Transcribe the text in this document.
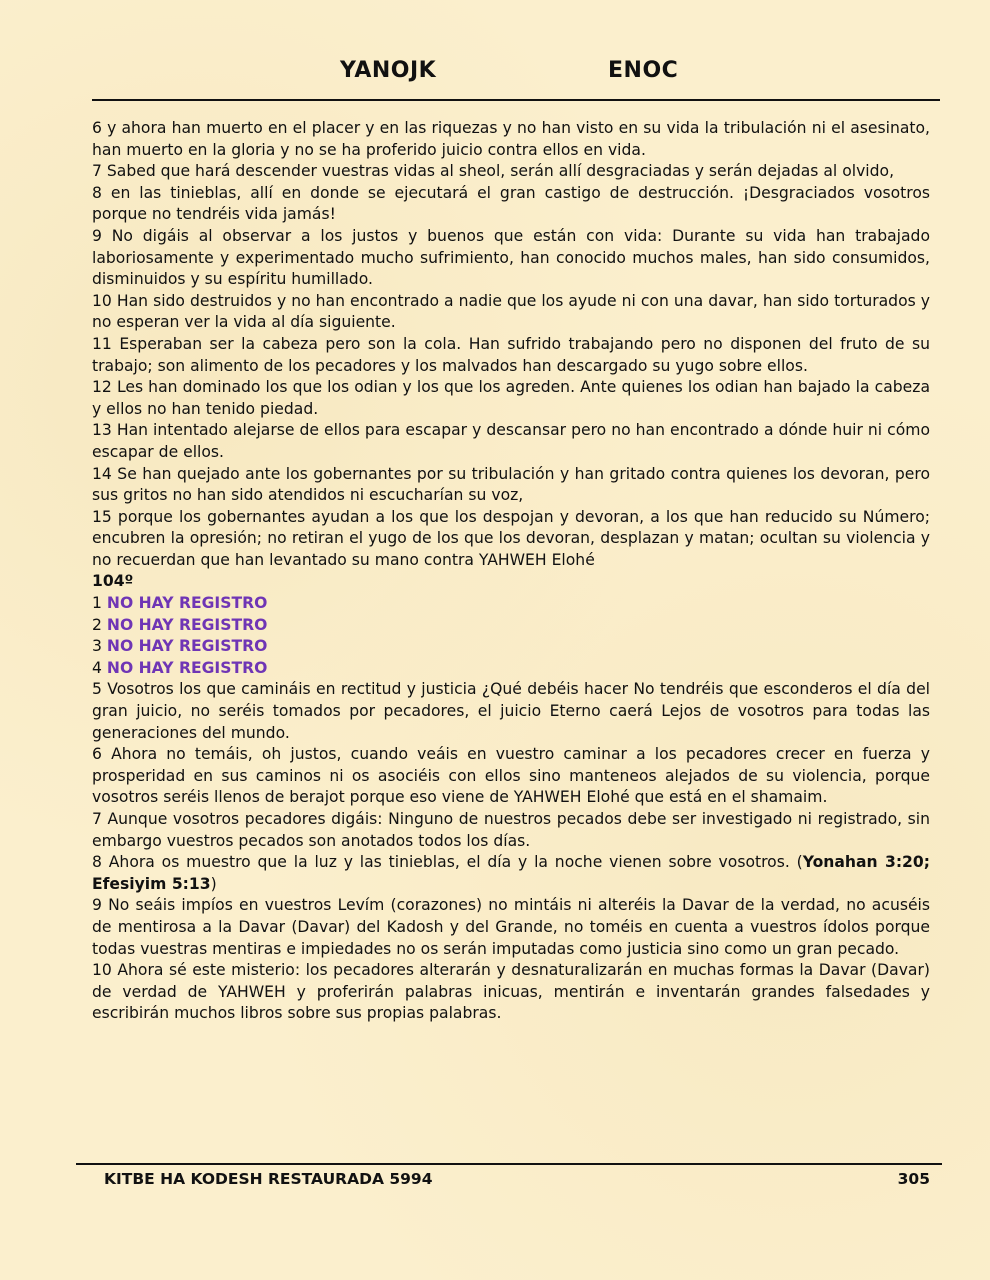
YANOJK	ENOC

6 y ahora han muerto en el placer y en las riquezas y no han visto en su vida la tribulación ni el asesinato, han muerto en la gloria y no se ha proferido juicio contra ellos en vida.

7 Sabed que hará descender vuestras vidas al sheol, serán allí desgraciadas y serán dejadas al olvido,

8 en las tinieblas, allí en donde se ejecutará el gran castigo de destrucción. ¡Desgraciados vosotros porque no tendréis vida jamás!

9 No digáis al observar a los justos y buenos que están con vida: Durante su vida han trabajado laboriosamente y experimentado mucho sufrimiento, han conocido muchos males, han sido consumidos, disminuidos y su espíritu humillado.

10 Han sido destruidos y no han encontrado a nadie que los ayude ni con una davar, han sido torturados y no esperan ver la vida al día siguiente.

11 Esperaban ser la cabeza pero son la cola. Han sufrido trabajando pero no disponen del fruto de su trabajo; son alimento de los pecadores y los malvados han descargado su yugo sobre ellos.

12 Les han dominado los que los odian y los que los agreden. Ante quienes los odian han bajado la cabeza y ellos no han tenido piedad.

13 Han intentado alejarse de ellos para escapar y descansar pero no han encontrado a dónde huir ni cómo escapar de ellos.

14 Se han quejado ante los gobernantes por su tribulación y han gritado contra quienes los devoran, pero sus gritos no han sido atendidos ni escucharían su voz,

15 porque los gobernantes ayudan a los que los despojan y devoran, a los que han reducido su Número; encubren la opresión; no retiran el yugo de los que los devoran, desplazan y matan; ocultan su violencia y no recuerdan que han levantado su mano contra YAHWEH Elohé

104º

1 NO HAY REGISTRO

2 NO HAY REGISTRO

3 NO HAY REGISTRO

4 NO HAY REGISTRO

5 Vosotros los que camináis en rectitud y justicia ¿Qué debéis hacer No tendréis que esconderos el día del gran juicio, no seréis tomados por pecadores, el juicio Eterno caerá Lejos de vosotros para todas las generaciones del mundo.

6 Ahora no temáis, oh justos, cuando veáis en vuestro caminar a los pecadores crecer en fuerza y prosperidad en sus caminos ni os asociéis con ellos sino manteneos alejados de su violencia, porque vosotros seréis llenos de berajot porque eso viene de YAHWEH Elohé que está en el shamaim.

7 Aunque vosotros pecadores digáis: Ninguno de nuestros pecados debe ser investigado ni registrado, sin embargo vuestros pecados son anotados todos los días.

8 Ahora os muestro que la luz y las tinieblas, el día y la noche vienen sobre vosotros. (Yonahan 3:20; Efesiyim 5:13)

9 No seáis impíos en vuestros Levím (corazones) no mintáis ni alteréis la Davar de la verdad, no acuséis de mentirosa a la Davar (Davar) del Kadosh y del Grande, no toméis en cuenta a vuestros ídolos porque todas vuestras mentiras e impiedades no os serán imputadas como justicia sino como un gran pecado.

10 Ahora sé este misterio: los pecadores alterarán y desnaturalizarán en muchas formas la Davar (Davar) de verdad de YAHWEH y proferirán palabras inicuas, mentirán e inventarán grandes falsedades y escribirán muchos libros sobre sus propias palabras.

KITBE HA KODESH RESTAURADA 5994	305
